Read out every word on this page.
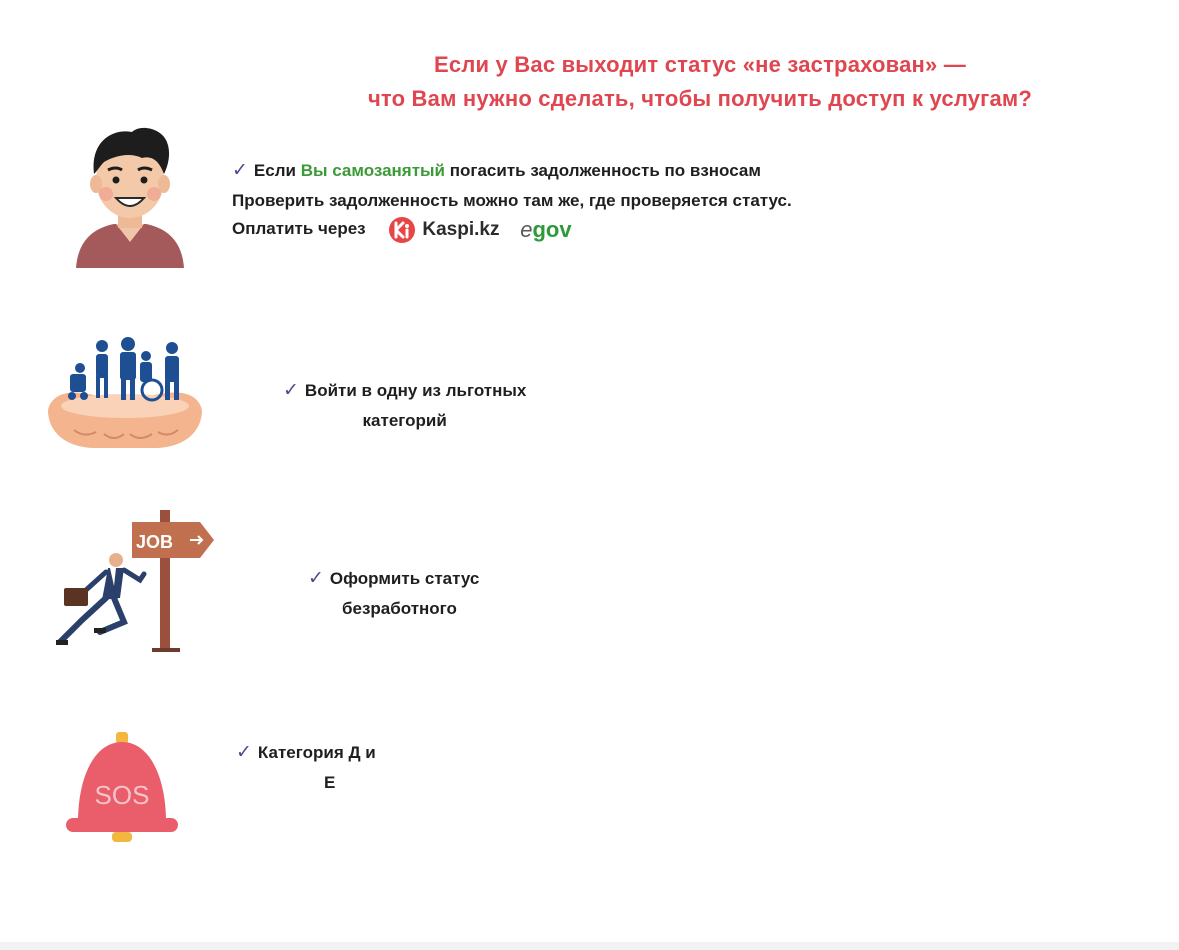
Если у Вас выходит статус «не застрахован» —
что Вам нужно сделать, чтобы получить доступ к услугам?
✓ Если Вы самозанятый погасить задолженность по взносам
Проверить задолженность можно там же, где проверяется статус.
Оплатить через	Kaspi.kz egov
✓ Войти в одну из льготных
категорий
JOB
✓ Оформить статус
безработного
SOS
✓ Категория Д и
Е
